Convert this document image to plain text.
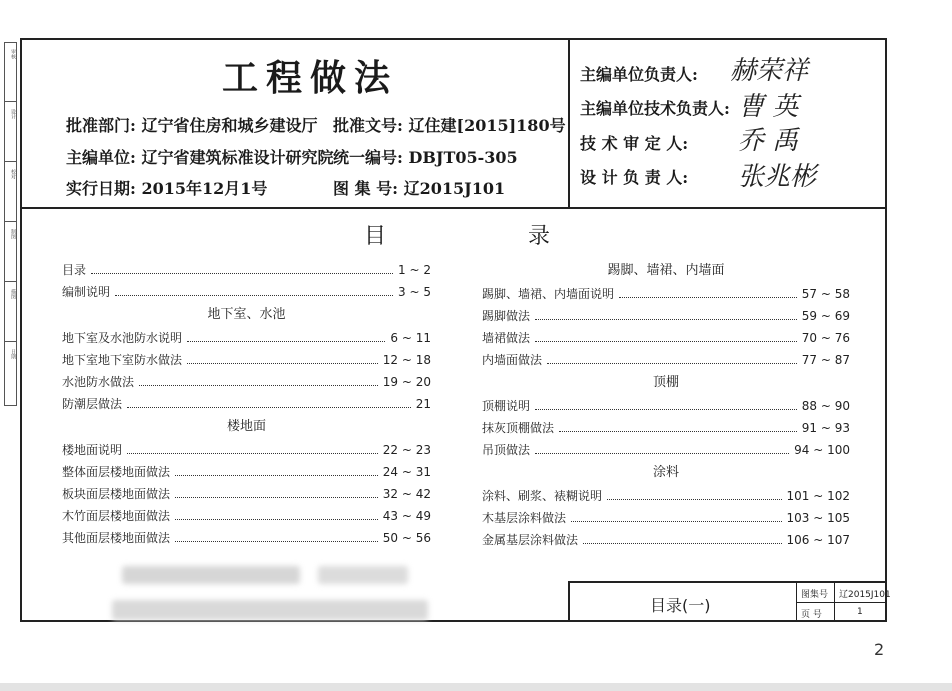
审核
设计
校对
制图
描图
日期
工程做法
批准部门: 辽宁省住房和城乡建设厅 批准文号: 辽住建[2015]180号
主编单位: 辽宁省建筑标准设计研究院 统一编号: DBJT05-305
实行日期: 2015年12月1号	图 集 号: 辽2015J101
主编单位负责人: 赫荣祥
主编单位技术负责人: 曹 英
技 术 审 定 人: 乔 禹
设 计 负 责 人: 张兆彬
目	录
目录	1 ~ 2
编制说明	3 ~ 5
地下室、水池
地下室及水池防水说明	6 ~ 11
地下室地下室防水做法	12 ~ 18
水池防水做法	19 ~ 20
防潮层做法	21
楼地面
楼地面说明	22 ~ 23
整体面层楼地面做法	24 ~ 31
板块面层楼地面做法	32 ~ 42
木竹面层楼地面做法	43 ~ 49
其他面层楼地面做法	50 ~ 56
踢脚、墙裙、内墙面
踢脚、墙裙、内墙面说明	57 ~ 58
踢脚做法	59 ~ 69
墙裙做法	70 ~ 76
内墙面做法	77 ~ 87
顶棚
顶棚说明	88 ~ 90
抹灰顶棚做法	91 ~ 93
吊顶做法	94 ~ 100
涂料
涂料、刷浆、裱糊说明	101 ~ 102
木基层涂料做法	103 ~ 105
金属基层涂料做法	106 ~ 107
目录(一)
图集号 辽2015J101
页 号	1
2
